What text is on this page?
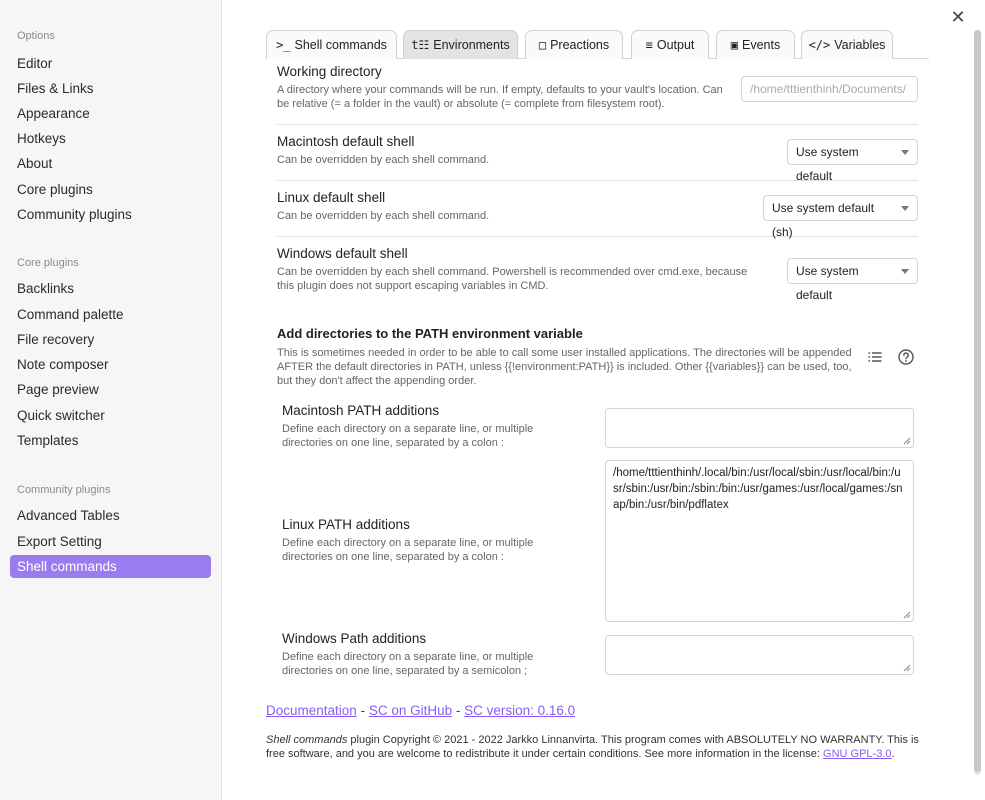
Options
Editor
Files & Links
Appearance
Hotkeys
About
Core plugins
Community plugins
Core plugins
Backlinks
Command palette
File recovery
Note composer
Page preview
Quick switcher
Templates
Community plugins
Advanced Tables
Export Setting
Shell commands
✕
>_ Shell commands t☷ Environments □ Preactions	≡ Output	▣ Events </> Variables
Working directory
A directory where your commands will be run. If empty, defaults to your vault's location. Can be relative (= a folder in the vault) or absolute (= complete from filesystem root).
/home/tttienthinh/Documents/
Macintosh default shell
Can be overridden by each shell command.
Use system default
Linux default shell
Can be overridden by each shell command.
Use system default (sh)
Windows default shell
Can be overridden by each shell command. Powershell is recommended over cmd.exe, because this plugin does not support escaping variables in CMD.
Use system default
Add directories to the PATH environment variable
This is sometimes needed in order to be able to call some user installed applications. The directories will be appended AFTER the default directories in PATH, unless {{!environment:PATH}} is included. Other {{variables}} can be used, too, but they don't affect the appending order.
Macintosh PATH additions
Define each directory on a separate line, or multiple directories on one line, separated by a colon :
Linux PATH additions
Define each directory on a separate line, or multiple directories on one line, separated by a colon :
/home/tttienthinh/.local/bin:/usr/local/sbin:/usr/local/bin:/usr/sbin:/usr/bin:/sbin:/bin:/usr/games:/usr/local/games:/snap/bin:/usr/bin/pdflatex
Windows Path additions
Define each directory on a separate line, or multiple directories on one line, separated by a semicolon ;
Documentation - SC on GitHub - SC version: 0.16.0
Shell commands plugin Copyright © 2021 - 2022 Jarkko Linnanvirta. This program comes with ABSOLUTELY NO WARRANTY. This is free software, and you are welcome to redistribute it under certain conditions. See more information in the license: GNU GPL-3.0.
